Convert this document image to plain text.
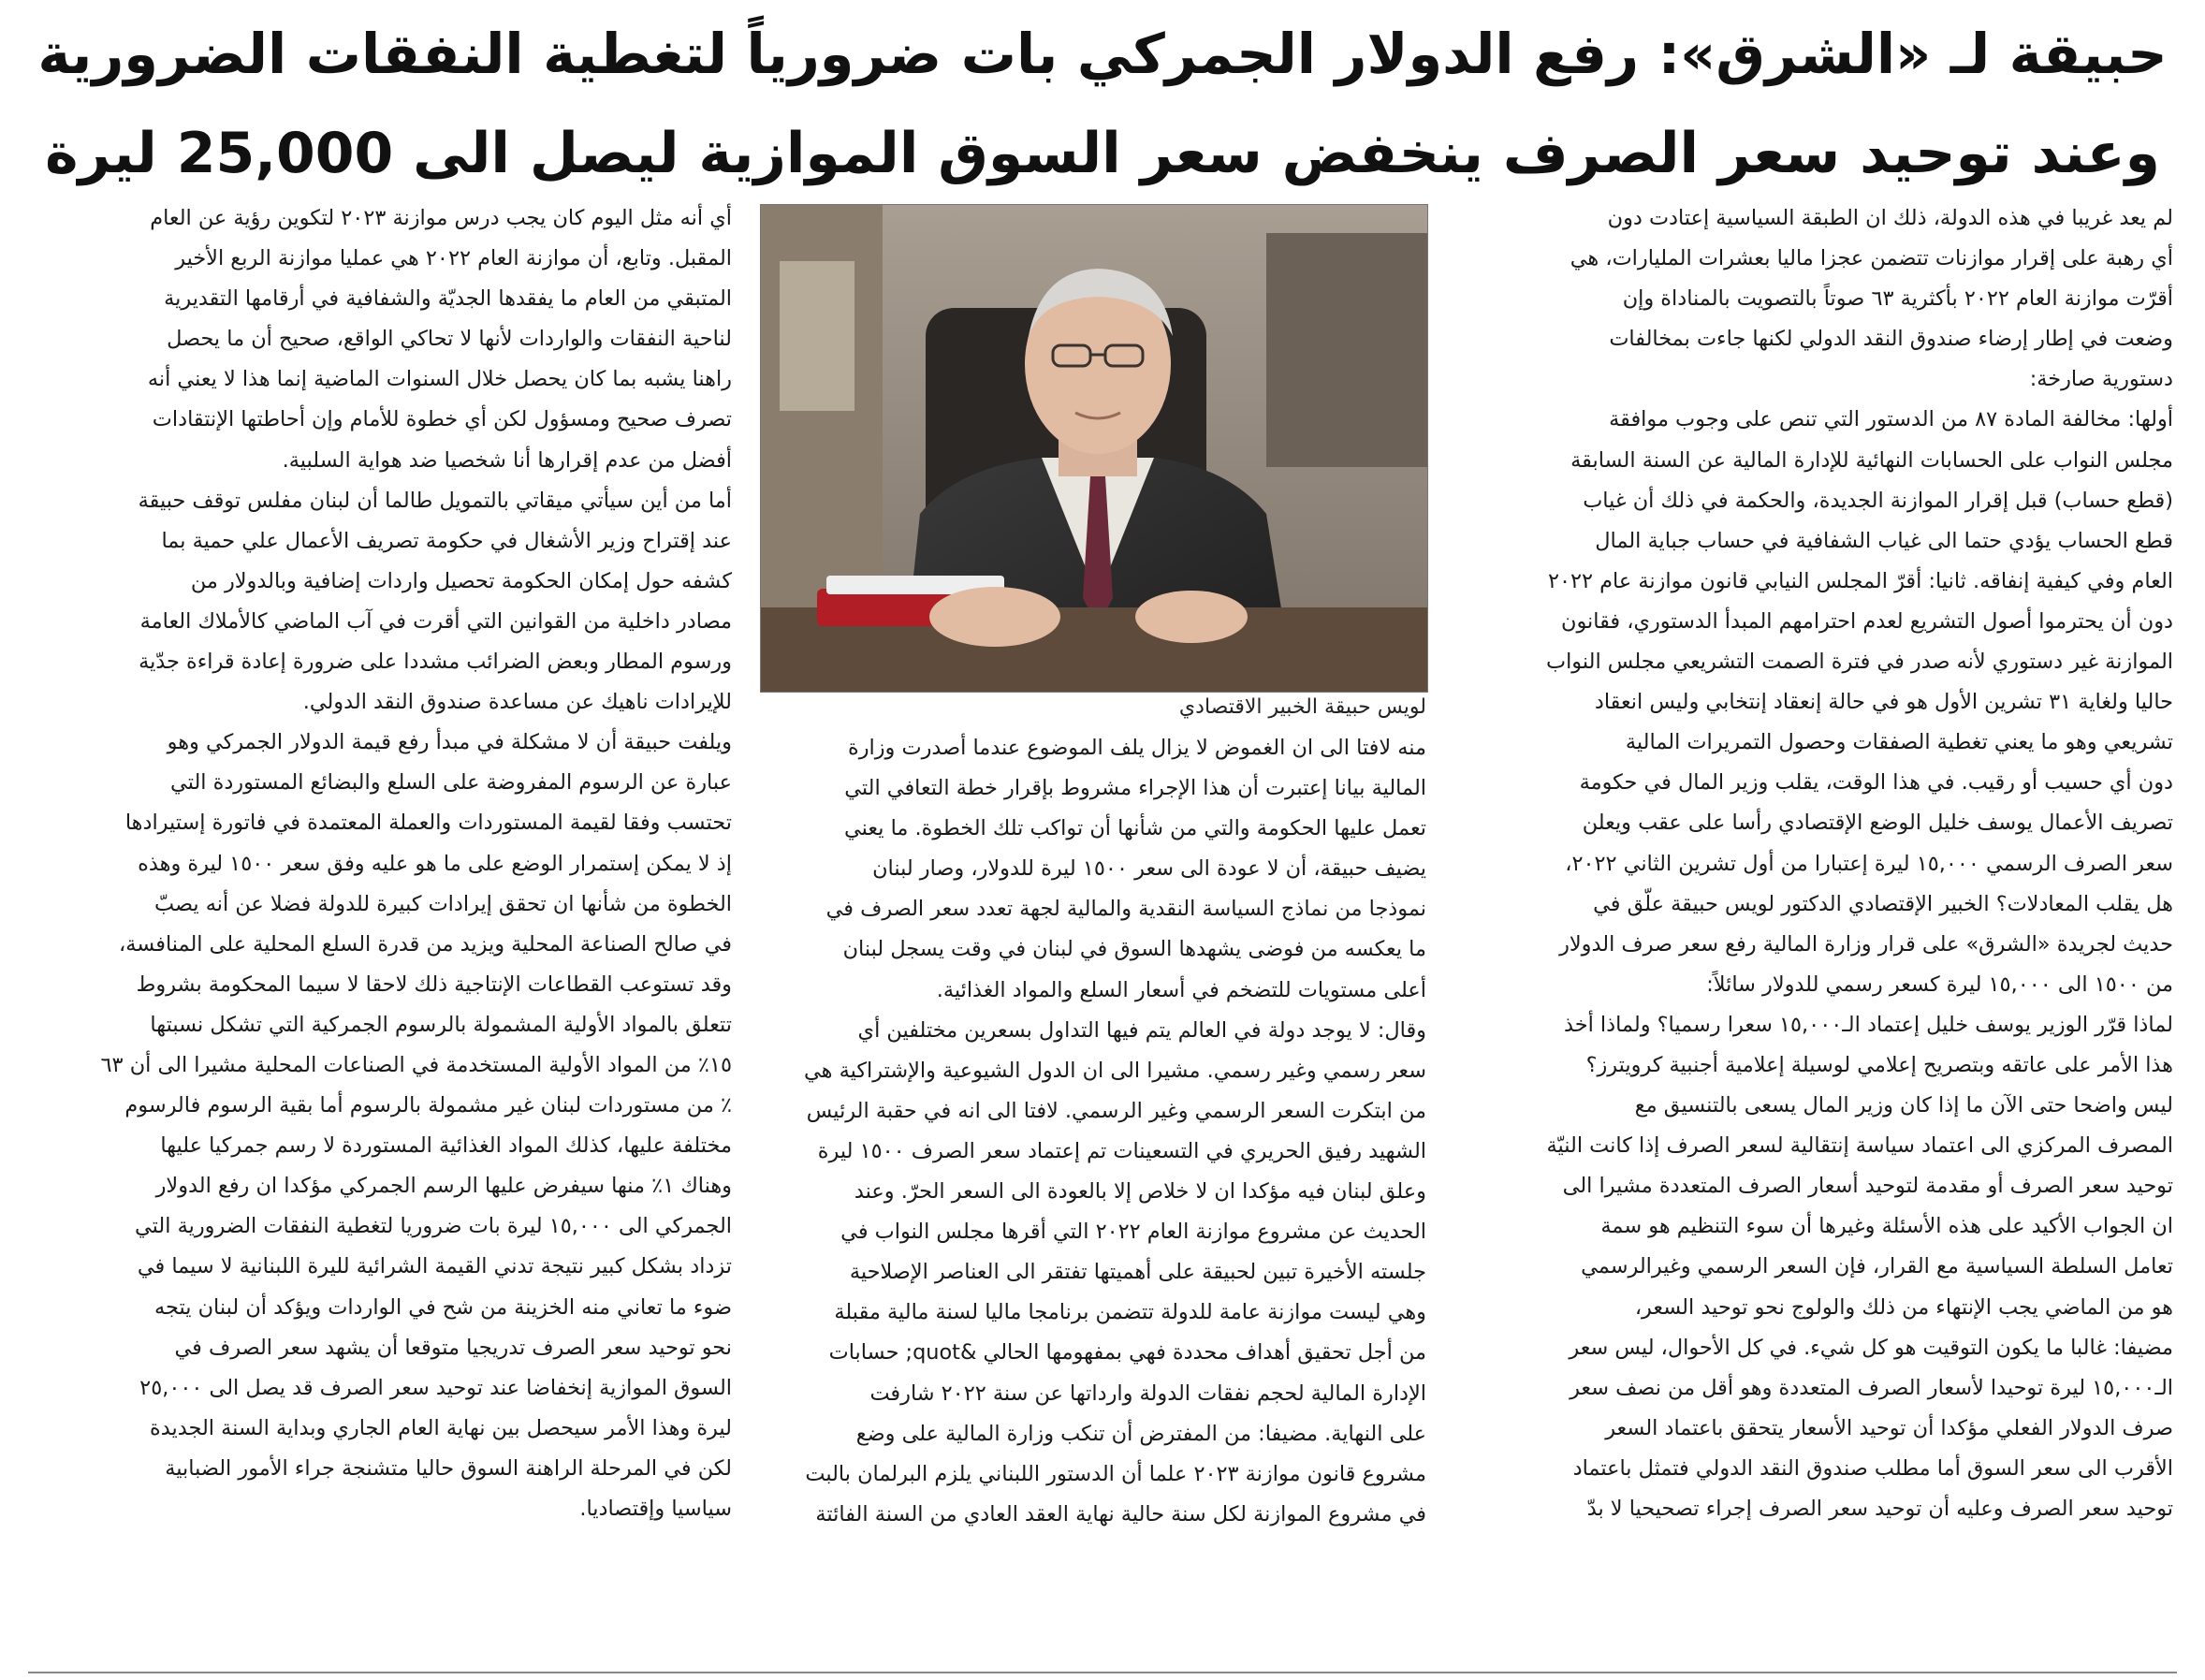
حبيقة لـ «الشرق»: رفع الدولار الجمركي بات ضرورياً لتغطية النفقات الضرورية
وعند توحيد سعر الصرف ينخفض سعر السوق الموازية ليصل الى 25,000 ليرة
لم يعد غريبا في هذه الدولة، ذلك ان الطبقة السياسية إعتادت دون
أي رهبة على إقرار موازنات تتضمن عجزا ماليا بعشرات المليارات، هي
أقرّت موازنة العام ٢٠٢٢ بأكثرية ٦٣ صوتاً بالتصويت بالمناداة وإن
وضعت في إطار إرضاء صندوق النقد الدولي لكنها جاءت بمخالفات
دستورية صارخة:
أولها: مخالفة المادة ٨٧ من الدستور التي تنص على وجوب موافقة
مجلس النواب على الحسابات النهائية للإدارة المالية عن السنة السابقة
(قطع حساب) قبل إقرار الموازنة الجديدة، والحكمة في ذلك أن غياب
قطع الحساب يؤدي حتما الى غياب الشفافية في حساب جباية المال
العام وفي كيفية إنفاقه. ثانيا: أقرّ المجلس النيابي قانون موازنة عام ٢٠٢٢
دون أن يحترموا أصول التشريع لعدم احترامهم المبدأ الدستوري، فقانون
الموازنة غير دستوري لأنه صدر في فترة الصمت التشريعي مجلس النواب
حاليا ولغاية ٣١ تشرين الأول هو في حالة إنعقاد إنتخابي وليس انعقاد
تشريعي وهو ما يعني تغطية الصفقات وحصول التمريرات المالية
دون أي حسيب أو رقيب. في هذا الوقت، يقلب وزير المال في حكومة
تصريف الأعمال يوسف خليل الوضع الإقتصادي رأسا على عقب ويعلن
سعر الصرف الرسمي ١٥,٠٠٠ ليرة إعتبارا من أول تشرين الثاني ٢٠٢٢،
هل يقلب المعادلات؟ الخبير الإقتصادي الدكتور لويس حبيقة علّق في
حديث لجريدة «الشرق» على قرار وزارة المالية رفع سعر صرف الدولار
من ١٥٠٠ الى ١٥,٠٠٠ ليرة كسعر رسمي للدولار سائلاً:
لماذا قرّر الوزير يوسف خليل إعتماد الـ١٥,٠٠٠ سعرا رسميا؟ ولماذا أخذ
هذا الأمر على عاتقه وبتصريح إعلامي لوسيلة إعلامية أجنبية كرويترز؟
ليس واضحا حتى الآن ما إذا كان وزير المال يسعى بالتنسيق مع
المصرف المركزي الى اعتماد سياسة إنتقالية لسعر الصرف إذا كانت النيّة
توحيد سعر الصرف أو مقدمة لتوحيد أسعار الصرف المتعددة مشيرا الى
ان الجواب الأكيد على هذه الأسئلة وغيرها أن سوء التنظيم هو سمة
تعامل السلطة السياسية مع القرار، فإن السعر الرسمي وغيرالرسمي
هو من الماضي يجب الإنتهاء من ذلك والولوج نحو توحيد السعر،
مضيفا: غالبا ما يكون التوقيت هو كل شيء. في كل الأحوال، ليس سعر
الـ١٥,٠٠٠ ليرة توحيدا لأسعار الصرف المتعددة وهو أقل من نصف سعر
صرف الدولار الفعلي مؤكدا أن توحيد الأسعار يتحقق باعتماد السعر
الأقرب الى سعر السوق أما مطلب صندوق النقد الدولي فتمثل باعتماد
توحيد سعر الصرف وعليه أن توحيد سعر الصرف إجراء تصحيحيا لا بدّ
لويس حبيقة الخبير الاقتصادي
منه لافتا الى ان الغموض لا يزال يلف الموضوع عندما أصدرت وزارة
المالية بيانا إعتبرت أن هذا الإجراء مشروط بإقرار خطة التعافي التي
تعمل عليها الحكومة والتي من شأنها أن تواكب تلك الخطوة. ما يعني
يضيف حبيقة، أن لا عودة الى سعر ١٥٠٠ ليرة للدولار، وصار لبنان
نموذجا من نماذج السياسة النقدية والمالية لجهة تعدد سعر الصرف في
ما يعكسه من فوضى يشهدها السوق في لبنان في وقت يسجل لبنان
أعلى مستويات للتضخم في أسعار السلع والمواد الغذائية.
وقال: لا يوجد دولة في العالم يتم فيها التداول بسعرين مختلفين أي
سعر رسمي وغير رسمي. مشيرا الى ان الدول الشيوعية والإشتراكية هي
من ابتكرت السعر الرسمي وغير الرسمي. لافتا الى انه في حقبة الرئيس
الشهيد رفيق الحريري في التسعينات تم إعتماد سعر الصرف ١٥٠٠ ليرة
وعلق لبنان فيه مؤكدا ان لا خلاص إلا بالعودة الى السعر الحرّ. وعند
الحديث عن مشروع موازنة العام ٢٠٢٢ التي أقرها مجلس النواب في
جلسته الأخيرة تبين لحبيقة على أهميتها تفتقر الى العناصر الإصلاحية
وهي ليست موازنة عامة للدولة تتضمن برنامجا ماليا لسنة مالية مقبلة
من أجل تحقيق أهداف محددة فهي بمفهومها الحالي &quot; حسابات
الإدارة المالية لحجم نفقات الدولة وارداتها عن سنة ٢٠٢٢ شارفت
على النهاية. مضيفا: من المفترض أن تنكب وزارة المالية على وضع
مشروع قانون موازنة ٢٠٢٣ علما أن الدستور اللبناني يلزم البرلمان بالبت
في مشروع الموازنة لكل سنة حالية نهاية العقد العادي من السنة الفائتة
أي أنه مثل اليوم كان يجب درس موازنة ٢٠٢٣ لتكوين رؤية عن العام
المقبل. وتابع، أن موازنة العام ٢٠٢٢ هي عمليا موازنة الربع الأخير
المتبقي من العام ما يفقدها الجديّة والشفافية في أرقامها التقديرية
لناحية النفقات والواردات لأنها لا تحاكي الواقع، صحيح أن ما يحصل
راهنا يشبه بما كان يحصل خلال السنوات الماضية إنما هذا لا يعني أنه
تصرف صحيح ومسؤول لكن أي خطوة للأمام وإن أحاطتها الإنتقادات
أفضل من عدم إقرارها أنا شخصيا ضد هواية السلبية.
أما من أين سيأتي ميقاتي بالتمويل طالما أن لبنان مفلس توقف حبيقة
عند إقتراح وزير الأشغال في حكومة تصريف الأعمال علي حمية بما
كشفه حول إمكان الحكومة تحصيل واردات إضافية وبالدولار من
مصادر داخلية من القوانين التي أقرت في آب الماضي كالأملاك العامة
ورسوم المطار وبعض الضرائب مشددا على ضرورة إعادة قراءة جدّية
للإيرادات ناهيك عن مساعدة صندوق النقد الدولي.
ويلفت حبيقة أن لا مشكلة في مبدأ رفع قيمة الدولار الجمركي وهو
عبارة عن الرسوم المفروضة على السلع والبضائع المستوردة التي
تحتسب وفقا لقيمة المستوردات والعملة المعتمدة في فاتورة إستيرادها
إذ لا يمكن إستمرار الوضع على ما هو عليه وفق سعر ١٥٠٠ ليرة وهذه
الخطوة من شأنها ان تحقق إيرادات كبيرة للدولة فضلا عن أنه يصبّ
في صالح الصناعة المحلية ويزيد من قدرة السلع المحلية على المنافسة،
وقد تستوعب القطاعات الإنتاجية ذلك لاحقا لا سيما المحكومة بشروط
تتعلق بالمواد الأولية المشمولة بالرسوم الجمركية التي تشكل نسبتها
١٥٪ من المواد الأولية المستخدمة في الصناعات المحلية مشيرا الى أن ٦٣
٪ من مستوردات لبنان غير مشمولة بالرسوم أما بقية الرسوم فالرسوم
مختلفة عليها، كذلك المواد الغذائية المستوردة لا رسم جمركيا عليها
وهناك ١٪ منها سيفرض عليها الرسم الجمركي مؤكدا ان رفع الدولار
الجمركي الى ١٥,٠٠٠ ليرة بات ضروريا لتغطية النفقات الضرورية التي
تزداد بشكل كبير نتيجة تدني القيمة الشرائية لليرة اللبنانية لا سيما في
ضوء ما تعاني منه الخزينة من شح في الواردات ويؤكد أن لبنان يتجه
نحو توحيد سعر الصرف تدريجيا متوقعا أن يشهد سعر الصرف في
السوق الموازية إنخفاضا عند توحيد سعر الصرف قد يصل الى ٢٥,٠٠٠
ليرة وهذا الأمر سيحصل بين نهاية العام الجاري وبداية السنة الجديدة
لكن في المرحلة الراهنة السوق حاليا متشنجة جراء الأمور الضبابية
سياسيا وإقتصاديا.
